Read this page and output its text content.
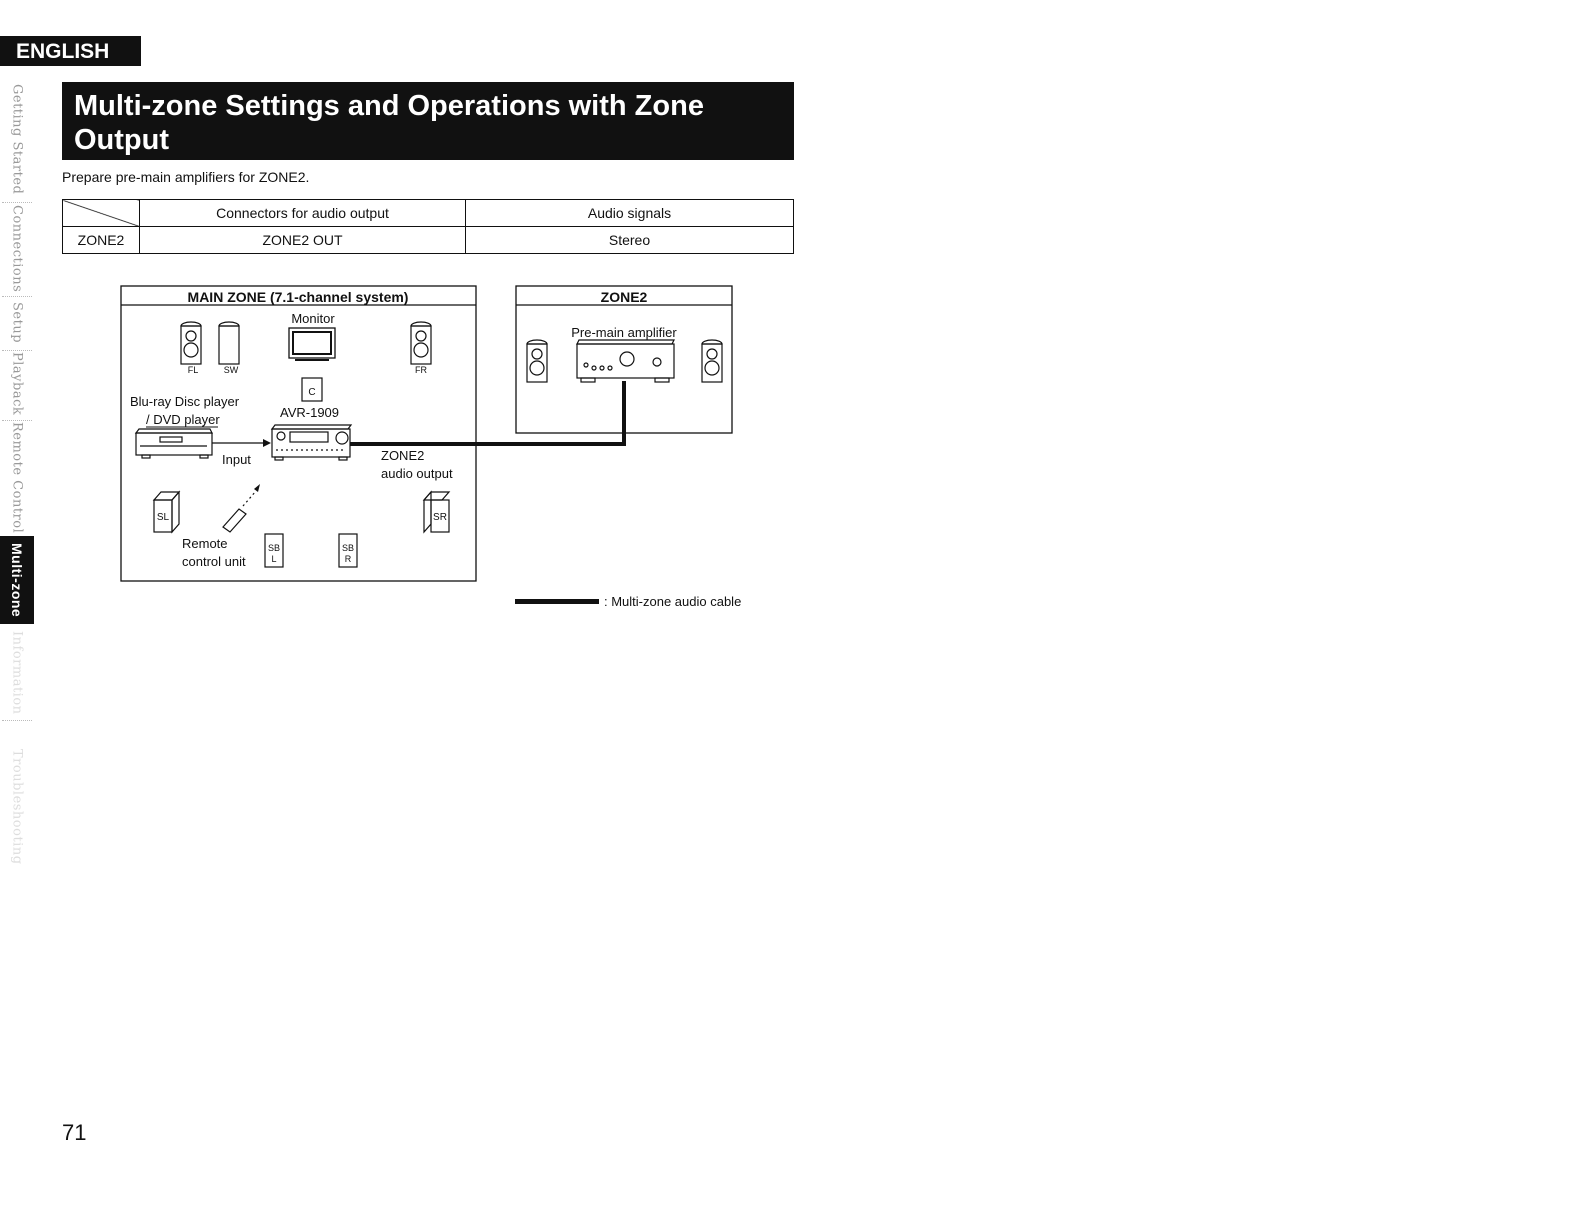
ENGLISH
Getting Started
Connections
Setup
Playback
Remote Control
Multi-zone
Information
Troubleshooting
Multi-zone Settings and Operations with Zone Output
Prepare pre-main amplifiers for ZONE2.
	Connectors for audio output	Audio signals
ZONE2	ZONE2 OUT	Stereo
MAIN ZONE (7.1-channel system)	ZONE2
FL	SW
Monitor
FR
C
Blu-ray Disc player
/ DVD player	AVR-1909
Input	ZONE2
audio output
SL
Remote
control unit
SB
L
SB
R
SR
Pre-main amplifier
: Multi-zone audio cable
71
